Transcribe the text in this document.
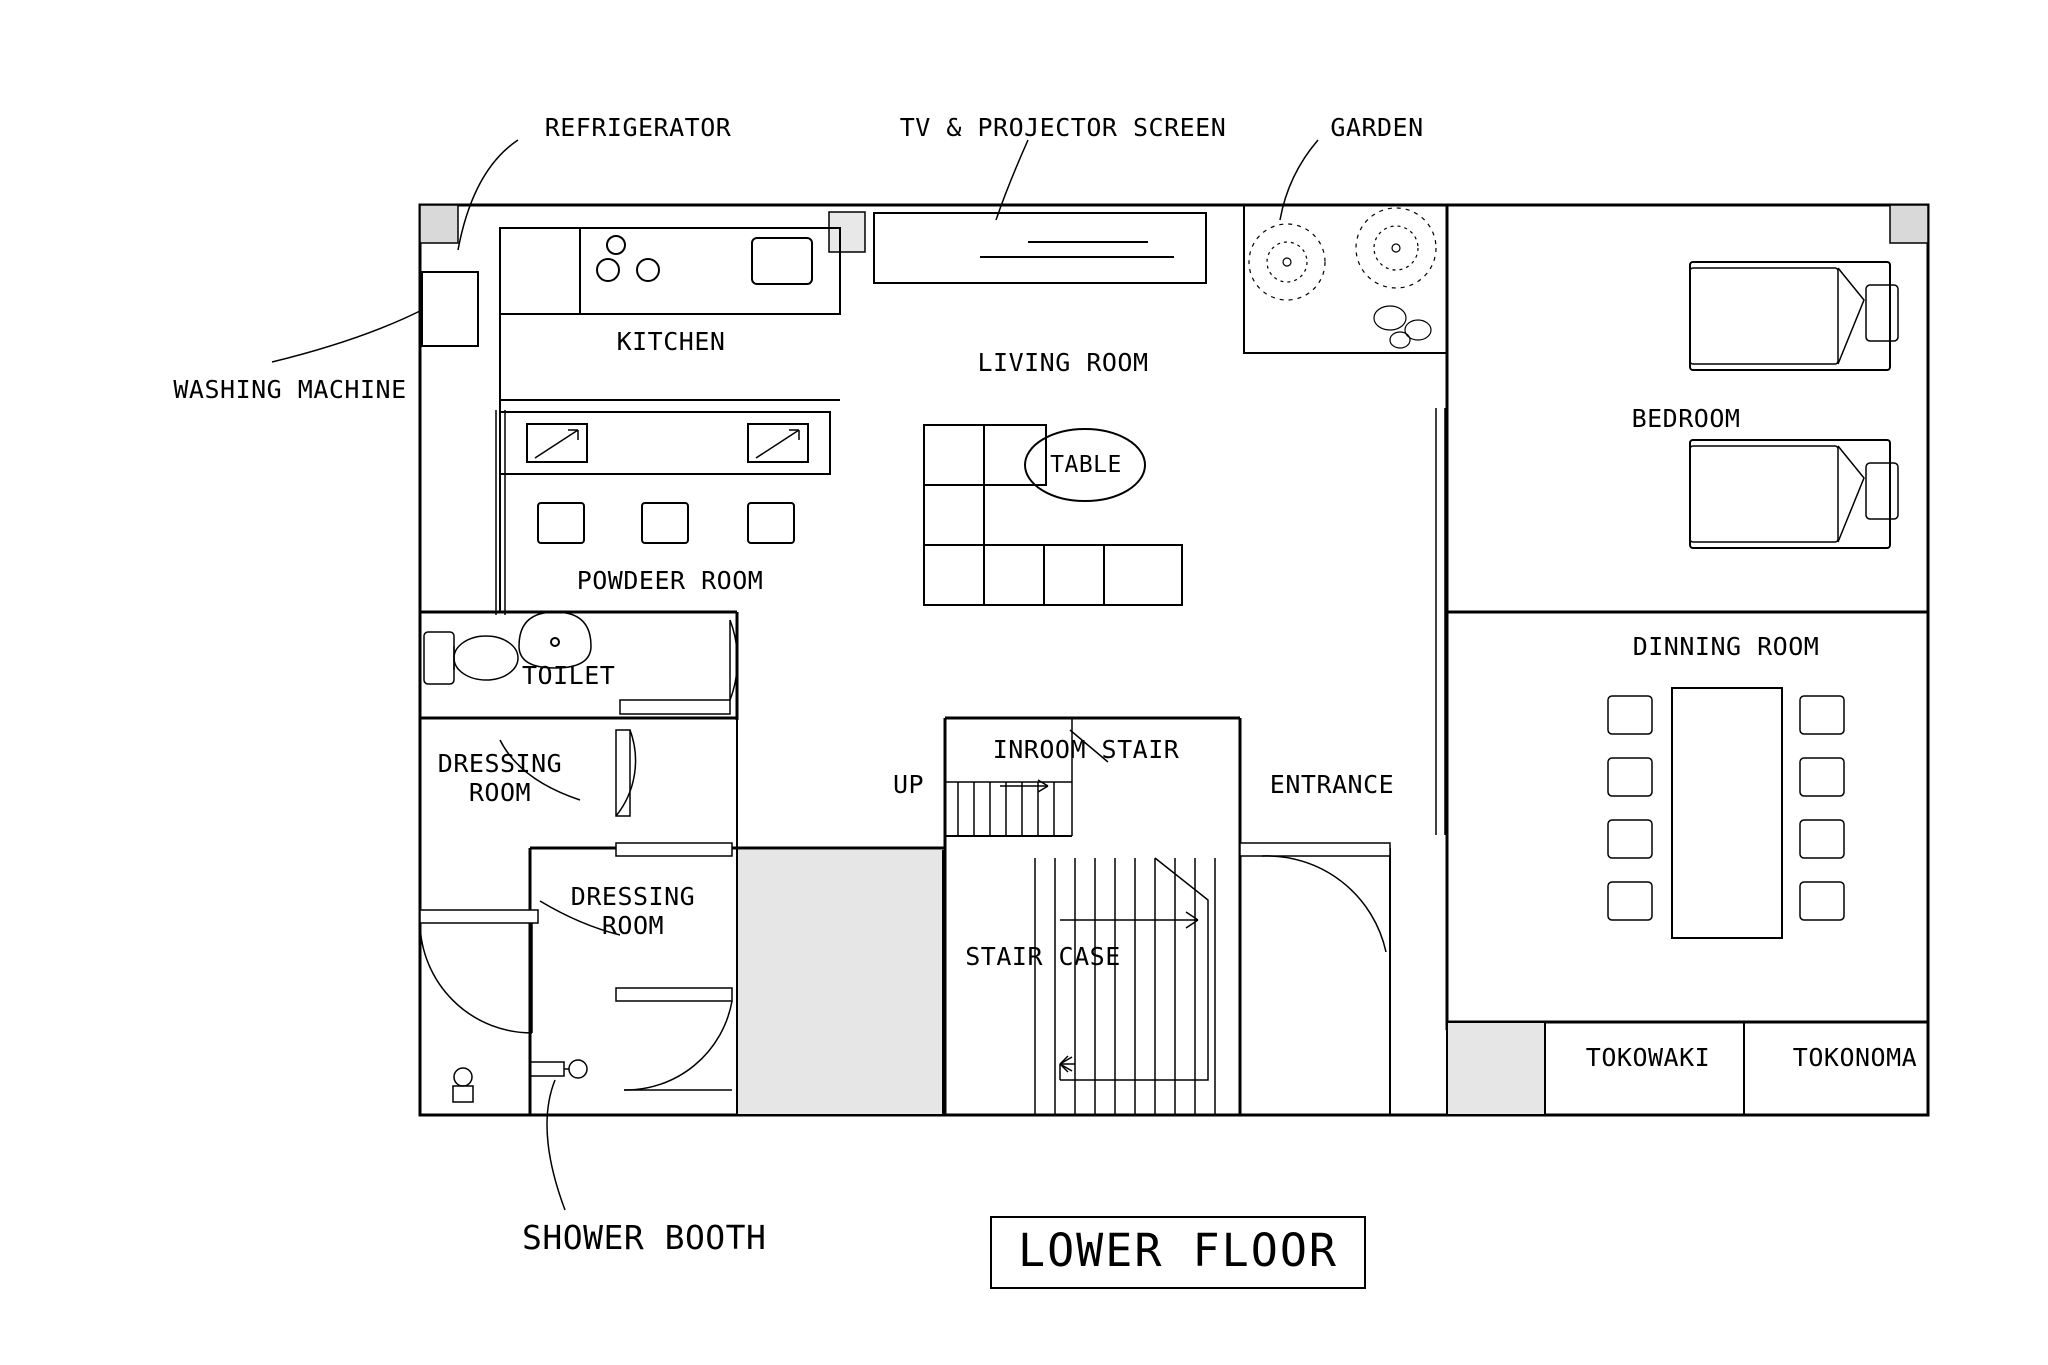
REFRIGERATOR	TV & PROJECTOR SCREEN	GARDEN
WASHING MACHINE
SHOWER BOOTH
KITCHEN
LIVING ROOM
BEDROOM
POWDEER ROOM
TABLE
DINNING ROOM
TOILET
INROOM STAIR
ENTRANCE
UP
DRESSING
ROOM
DRESSING
ROOM
STAIR CASE
TOKOWAKI	TOKONOMA
LOWER FLOOR
